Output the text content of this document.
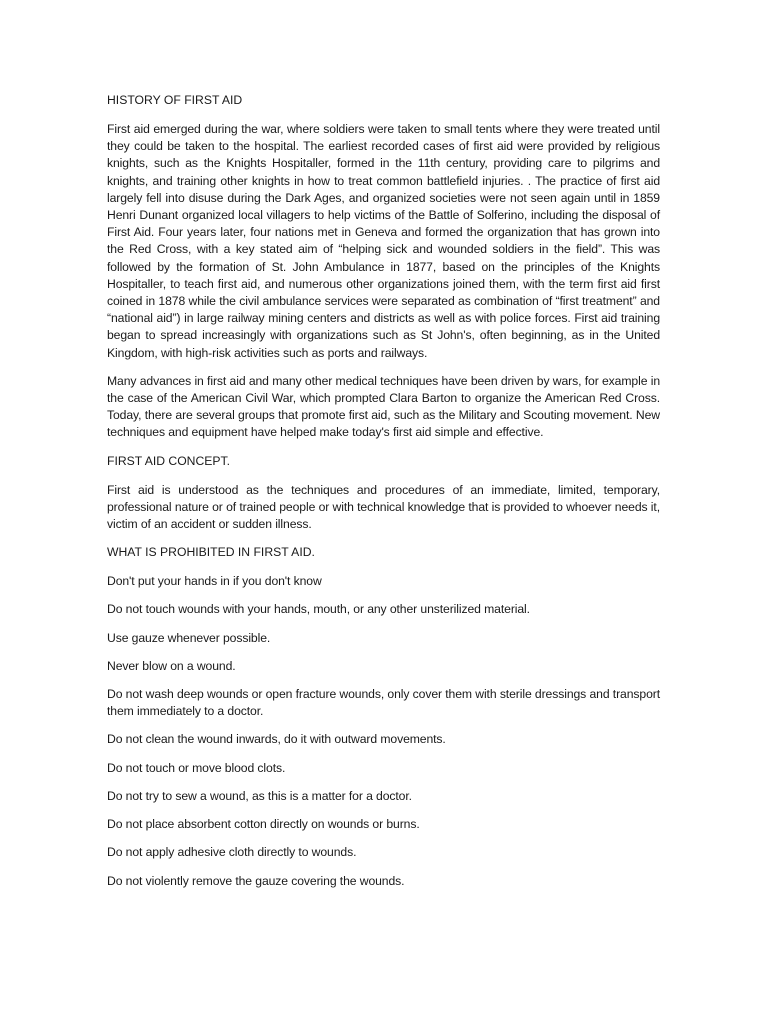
HISTORY OF FIRST AID

First aid emerged during the war, where soldiers were taken to small tents where they were treated until they could be taken to the hospital. The earliest recorded cases of first aid were provided by religious knights, such as the Knights Hospitaller, formed in the 11th century, providing care to pilgrims and knights, and training other knights in how to treat common battlefield injuries. . The practice of first aid largely fell into disuse during the Dark Ages, and organized societies were not seen again until in 1859 Henri Dunant organized local villagers to help victims of the Battle of Solferino, including the disposal of First Aid. Four years later, four nations met in Geneva and formed the organization that has grown into the Red Cross, with a key stated aim of “helping sick and wounded soldiers in the field”. This was followed by the formation of St. John Ambulance in 1877, based on the principles of the Knights Hospitaller, to teach first aid, and numerous other organizations joined them, with the term first aid first coined in 1878 while the civil ambulance services were separated as combination of “first treatment” and “national aid”) in large railway mining centers and districts as well as with police forces. First aid training began to spread increasingly with organizations such as St John's, often beginning, as in the United Kingdom, with high-risk activities such as ports and railways.

Many advances in first aid and many other medical techniques have been driven by wars, for example in the case of the American Civil War, which prompted Clara Barton to organize the American Red Cross. Today, there are several groups that promote first aid, such as the Military and Scouting movement. New techniques and equipment have helped make today's first aid simple and effective.

FIRST AID CONCEPT.

First aid is understood as the techniques and procedures of an immediate, limited, temporary, professional nature or of trained people or with technical knowledge that is provided to whoever needs it, victim of an accident or sudden illness.

WHAT IS PROHIBITED IN FIRST AID.

Don't put your hands in if you don't know

Do not touch wounds with your hands, mouth, or any other unsterilized material.

Use gauze whenever possible.

Never blow on a wound.

Do not wash deep wounds or open fracture wounds, only cover them with sterile dressings and transport them immediately to a doctor.

Do not clean the wound inwards, do it with outward movements.

Do not touch or move blood clots.

Do not try to sew a wound, as this is a matter for a doctor.

Do not place absorbent cotton directly on wounds or burns.

Do not apply adhesive cloth directly to wounds.

Do not violently remove the gauze covering the wounds.
